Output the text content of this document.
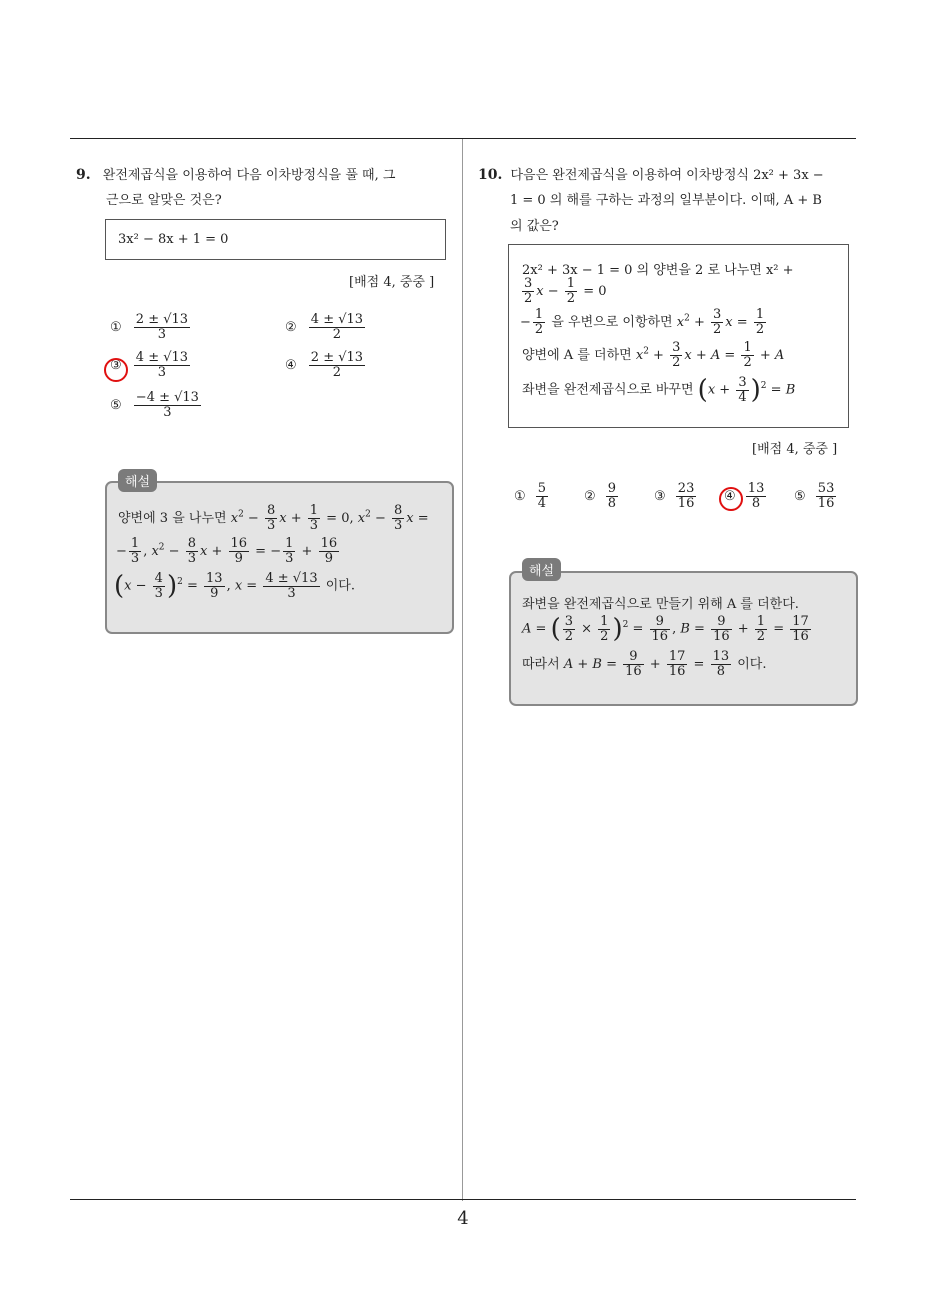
4
9. 완전제곱식을 이용하여 다음 이차방정식을 풀 때, 그
근으로 알맞은 것은?
3x² − 8x + 1 = 0
[배점 4, 중중 ]
① $\frac{2 \pm √13}{3}$	② $\frac{4 \pm √13}{2}$
③ $\frac{4 \pm √13}{3}$	④ $\frac{2 \pm √13}{2}$
⑤ $\frac{-4 \pm √13}{3}$
해설
양변에 3 을 나누면 $x^2 - \frac{8}{3}$ $x + \frac{1}{3} = 0$, $x^2 - \frac{8}{3}$ x =
− $\frac{1}{3}$ , $x^2 - \frac{8}{3}$ $x + \frac{16}{9}$ = − $\frac{1}{3} + \frac{16}{9}$
$(x - \frac{4}{3} )^2 = \frac{13}{9}$ , $x = \frac{4 \pm √13}{3}$ 이다.
10. 다음은 완전제곱식을 이용하여 이차방정식 2x² + 3x −
1 = 0 의 해를 구하는 과정의 일부분이다. 이때, A + B
의 값은?
2x² + 3x − 1 = 0 의 양변을 2 로 나누면 x² +
$\frac{3}{2}$ $x - \frac{1}{2} = 0$
− $\frac{1}{2}$ 을 우변으로 이항하면 $x^2 + \frac{3}{2}$ $x = \frac{1}{2}$
양변에 A 를 더하면 $x^2 + \frac{3}{2}$ $x + A = \frac{1}{2} + A$
좌변을 완전제곱식으로 바꾸면 $(x + \frac{3}{4} )^2 = B$
[배점 4, 중중 ]
① $\frac{5}{4}$	② $\frac{9}{8}$	③ $\frac{23}{16}$ ④ $\frac{13}{8}$ ⑤ $\frac{53}{16}$
해설
좌변을 완전제곱식으로 만들기 위해 A 를 더한다.
A = ( $\frac{3}{2} \times \frac{1}{2} )^2 = \frac{9}{16}$ , $B = \frac{9}{16} + \frac{1}{2} = \frac{17}{16}$
따라서 $A + B = \frac{9}{16} + \frac{17}{16} = \frac{13}{8}$ 이다.
